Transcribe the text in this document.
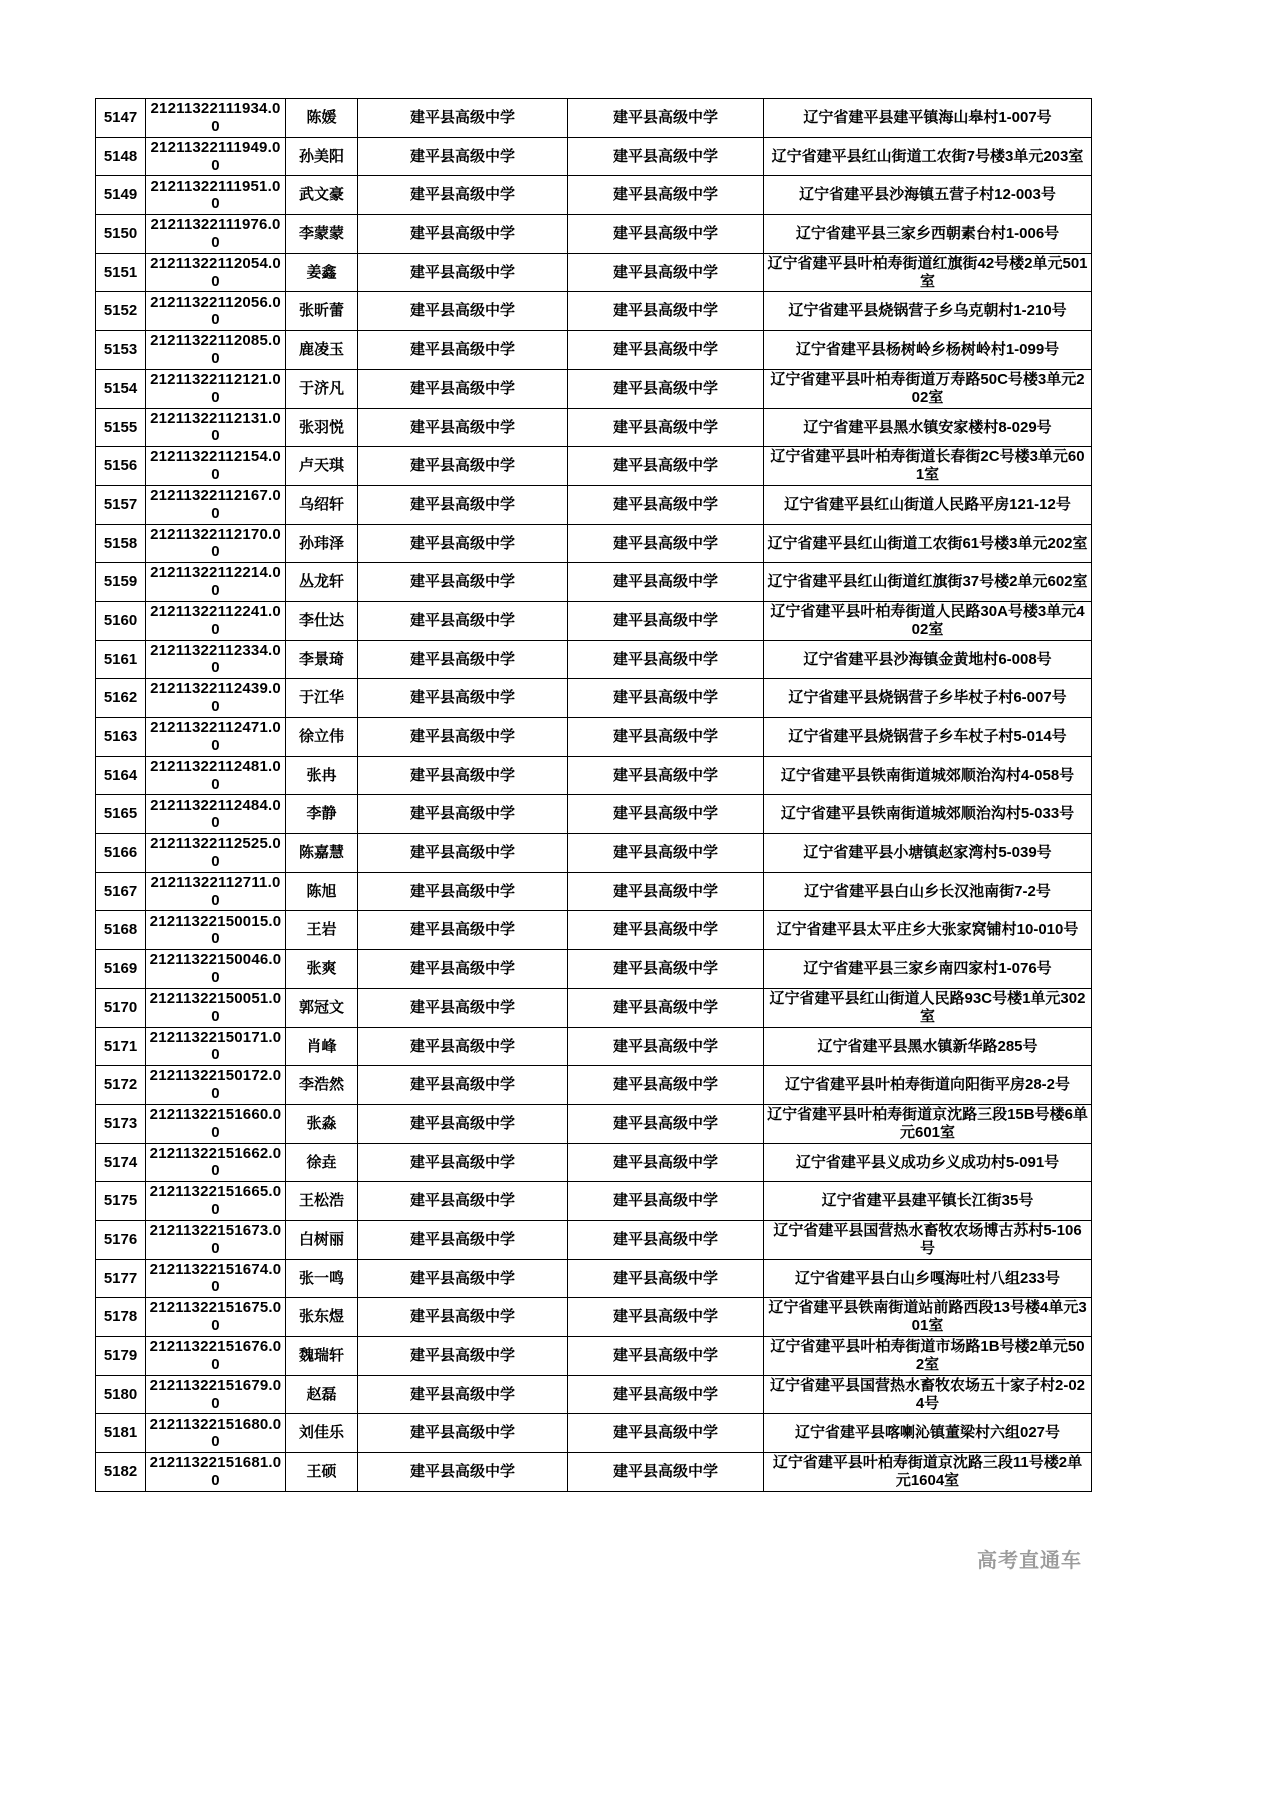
5147	21211322111934.00	陈媛	建平县高级中学	建平县高级中学	辽宁省建平县建平镇海山皋村1-007号
5148	21211322111949.00	孙美阳	建平县高级中学	建平县高级中学	辽宁省建平县红山街道工农街7号楼3单元203室
5149	21211322111951.00	武文豪	建平县高级中学	建平县高级中学	辽宁省建平县沙海镇五营子村12-003号
5150	21211322111976.00	李蒙蒙	建平县高级中学	建平县高级中学	辽宁省建平县三家乡西朝素台村1-006号
5151	21211322112054.00	姜鑫	建平县高级中学	建平县高级中学	辽宁省建平县叶柏寿街道红旗街42号楼2单元501室
5152	21211322112056.00	张昕蕾	建平县高级中学	建平县高级中学	辽宁省建平县烧锅营子乡乌克朝村1-210号
5153	21211322112085.00	鹿凌玉	建平县高级中学	建平县高级中学	辽宁省建平县杨树岭乡杨树岭村1-099号
5154	21211322112121.00	于济凡	建平县高级中学	建平县高级中学	辽宁省建平县叶柏寿街道万寿路50C号楼3单元202室
5155	21211322112131.00	张羽悦	建平县高级中学	建平县高级中学	辽宁省建平县黑水镇安家楼村8-029号
5156	21211322112154.00	卢天琪	建平县高级中学	建平县高级中学	辽宁省建平县叶柏寿街道长春街2C号楼3单元601室
5157	21211322112167.00	乌绍轩	建平县高级中学	建平县高级中学	辽宁省建平县红山街道人民路平房121-12号
5158	21211322112170.00	孙玮泽	建平县高级中学	建平县高级中学	辽宁省建平县红山街道工农街61号楼3单元202室
5159	21211322112214.00	丛龙轩	建平县高级中学	建平县高级中学	辽宁省建平县红山街道红旗街37号楼2单元602室
5160	21211322112241.00	李仕达	建平县高级中学	建平县高级中学	辽宁省建平县叶柏寿街道人民路30A号楼3单元402室
5161	21211322112334.00	李景琦	建平县高级中学	建平县高级中学	辽宁省建平县沙海镇金黄地村6-008号
5162	21211322112439.00	于江华	建平县高级中学	建平县高级中学	辽宁省建平县烧锅营子乡毕杖子村6-007号
5163	21211322112471.00	徐立伟	建平县高级中学	建平县高级中学	辽宁省建平县烧锅营子乡车杖子村5-014号
5164	21211322112481.00	张冉	建平县高级中学	建平县高级中学	辽宁省建平县铁南街道城郊顺治沟村4-058号
5165	21211322112484.00	李静	建平县高级中学	建平县高级中学	辽宁省建平县铁南街道城郊顺治沟村5-033号
5166	21211322112525.00	陈嘉慧	建平县高级中学	建平县高级中学	辽宁省建平县小塘镇赵家湾村5-039号
5167	21211322112711.00	陈旭	建平县高级中学	建平县高级中学	辽宁省建平县白山乡长汉池南街7-2号
5168	21211322150015.00	王岩	建平县高级中学	建平县高级中学	辽宁省建平县太平庄乡大张家窝铺村10-010号
5169	21211322150046.00	张爽	建平县高级中学	建平县高级中学	辽宁省建平县三家乡南四家村1-076号
5170	21211322150051.00	郭冠文	建平县高级中学	建平县高级中学	辽宁省建平县红山街道人民路93C号楼1单元302室
5171	21211322150171.00	肖峰	建平县高级中学	建平县高级中学	辽宁省建平县黑水镇新华路285号
5172	21211322150172.00	李浩然	建平县高级中学	建平县高级中学	辽宁省建平县叶柏寿街道向阳街平房28-2号
5173	21211322151660.00	张淼	建平县高级中学	建平县高级中学	辽宁省建平县叶柏寿街道京沈路三段15B号楼6单元601室
5174	21211322151662.00	徐垚	建平县高级中学	建平县高级中学	辽宁省建平县义成功乡义成功村5-091号
5175	21211322151665.00	王松浩	建平县高级中学	建平县高级中学	辽宁省建平县建平镇长江街35号
5176	21211322151673.00	白树丽	建平县高级中学	建平县高级中学	辽宁省建平县国营热水畜牧农场博古苏村5-106号
5177	21211322151674.00	张一鸣	建平县高级中学	建平县高级中学	辽宁省建平县白山乡嘎海吐村八组233号
5178	21211322151675.00	张东煜	建平县高级中学	建平县高级中学	辽宁省建平县铁南街道站前路西段13号楼4单元301室
5179	21211322151676.00	魏瑞轩	建平县高级中学	建平县高级中学	辽宁省建平县叶柏寿街道市场路1B号楼2单元502室
5180	21211322151679.00	赵磊	建平县高级中学	建平县高级中学	辽宁省建平县国营热水畜牧农场五十家子村2-024号
5181	21211322151680.00	刘佳乐	建平县高级中学	建平县高级中学	辽宁省建平县喀喇沁镇董梁村六组027号
5182	21211322151681.00	王硕	建平县高级中学	建平县高级中学	辽宁省建平县叶柏寿街道京沈路三段11号楼2单元1604室
高考直通车
